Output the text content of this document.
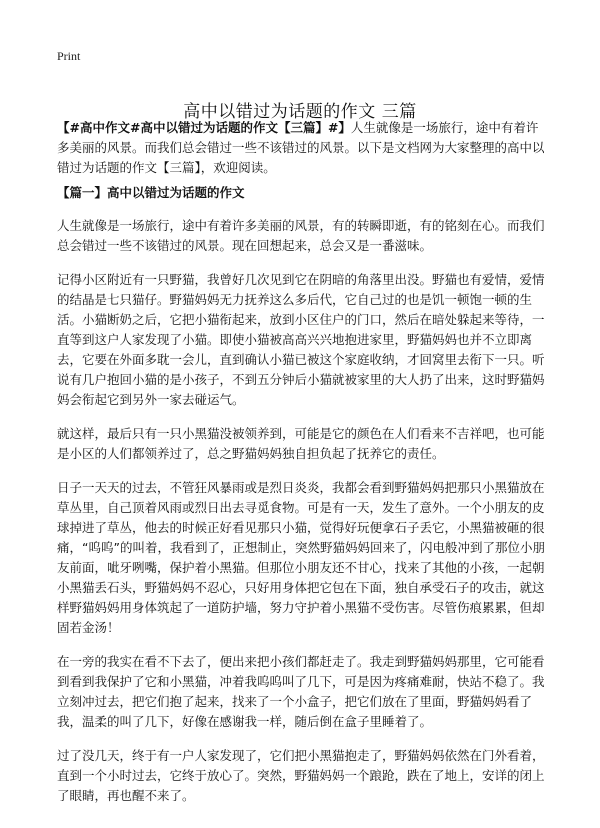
Print
高中以错过为话题的作文 三篇
【#高中作文#高中以错过为话题的作文【三篇】#】人生就像是一场旅行，途中有着许多美丽的风景。而我们总会错过一些不该错过的风景。以下是文档网为大家整理的高中以错过为话题的作文【三篇】，欢迎阅读。
【篇一】高中以错过为话题的作文

人生就像是一场旅行，途中有着许多美丽的风景，有的转瞬即逝，有的铭刻在心。而我们总会错过一些不该错过的风景。现在回想起来，总会又是一番滋味。

记得小区附近有一只野猫，我曾好几次见到它在阴暗的角落里出没。野猫也有爱情，爱情的结晶是七只猫仔。野猫妈妈无力抚养这么多后代，它自己过的也是饥一顿饱一顿的生活。小猫断奶之后，它把小猫衔起来，放到小区住户的门口，然后在暗处躲起来等待，一直等到这户人家发现了小猫。即使小猫被高高兴兴地抱进家里，野猫妈妈也并不立即离去，它要在外面多耽一会儿，直到确认小猫已被这个家庭收纳，才回窝里去衔下一只。听说有几户抱回小猫的是小孩子，不到五分钟后小猫就被家里的大人扔了出来，这时野猫妈妈会衔起它到另外一家去碰运气。

就这样，最后只有一只小黑猫没被领养到，可能是它的颜色在人们看来不吉祥吧，也可能是小区的人们都领养过了，总之野猫妈妈独自担负起了抚养它的责任。

日子一天天的过去，不管狂风暴雨或是烈日炎炎，我都会看到野猫妈妈把那只小黑猫放在草丛里，自己顶着风雨或烈日出去寻觅食物。可是有一天，发生了意外。一个小朋友的皮球掉进了草丛，他去的时候正好看见那只小猫，觉得好玩便拿石子丢它，小黑猫被砸的很痛，“呜呜”的叫着，我看到了，正想制止，突然野猫妈妈回来了，闪电般冲到了那位小朋友前面，呲牙咧嘴，保护着小黑猫。但那位小朋友还不甘心，找来了其他的小孩，一起朝小黑猫丢石头，野猫妈妈不忍心，只好用身体把它包在下面，独自承受石子的攻击，就这样野猫妈妈用身体筑起了一道防护墙，努力守护着小黑猫不受伤害。尽管伤痕累累，但却固若金汤！

在一旁的我实在看不下去了，便出来把小孩们都赶走了。我走到野猫妈妈那里，它可能看到看到我保护了它和小黑猫，冲着我呜呜叫了几下，可是因为疼痛难耐，快站不稳了。我立刻冲过去，把它们抱了起来，找来了一个小盒子，把它们放在了里面，野猫妈妈看了我，温柔的叫了几下，好像在感谢我一样，随后倒在盒子里睡着了。

过了没几天，终于有一户人家发现了，它们把小黑猫抱走了，野猫妈妈依然在门外看着，直到一个小时过去，它终于放心了。突然，野猫妈妈一个踉跄，跌在了地上，安详的闭上了眼睛，再也醒不来了。
